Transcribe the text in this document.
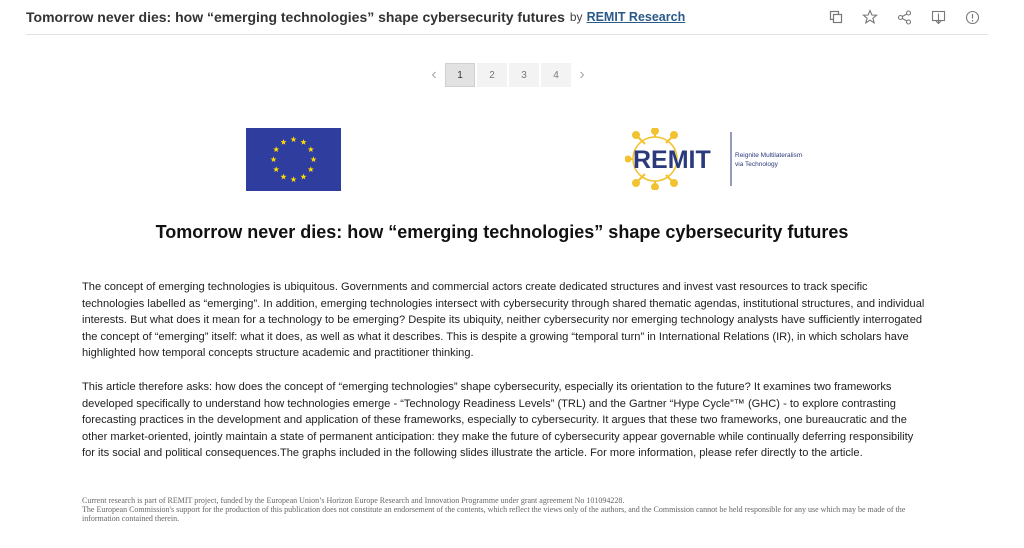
Tomorrow never dies: how “emerging technologies” shape cybersecurity futures by REMIT Research
‹	1	2	3	4	›
REMIT	Reignite Multilateralism
via Technology
Tomorrow never dies: how “emerging technologies” shape cybersecurity futures
The concept of emerging technologies is ubiquitous. Governments and commercial actors create dedicated structures and invest vast resources to track specific technologies labelled as “emerging”. In addition, emerging technologies intersect with cybersecurity through shared thematic agendas, institutional structures, and individual interests. But what does it mean for a technology to be emerging? Despite its ubiquity, neither cybersecurity nor emerging technology analysts have sufficiently interrogated the concept of “emerging” itself: what it does, as well as what it describes. This is despite a growing “temporal turn” in International Relations (IR), in which scholars have highlighted how temporal concepts structure academic and practitioner thinking.
This article therefore asks: how does the concept of “emerging technologies” shape cybersecurity, especially its orientation to the future? It examines two frameworks developed specifically to understand how technologies emerge - “Technology Readiness Levels” (TRL) and the Gartner “Hype Cycle”™ (GHC) - to explore contrasting forecasting practices in the development and application of these frameworks, especially to cybersecurity. It argues that these two frameworks, one bureaucratic and the other market-oriented, jointly maintain a state of permanent anticipation: they make the future of cybersecurity appear governable while continually deferring responsibility for its social and political consequences.The graphs included in the following slides illustrate the article. For more information, please refer directly to the article.
Current research is part of REMIT project, funded by the European Union’s Horizon Europe Research and Innovation Programme under grant agreement No 101094228.
The European Commission's support for the production of this publication does not constitute an endorsement of the contents, which reflect the views only of the authors, and the Commission cannot be held responsible for any use which may be made of the information contained therein.
